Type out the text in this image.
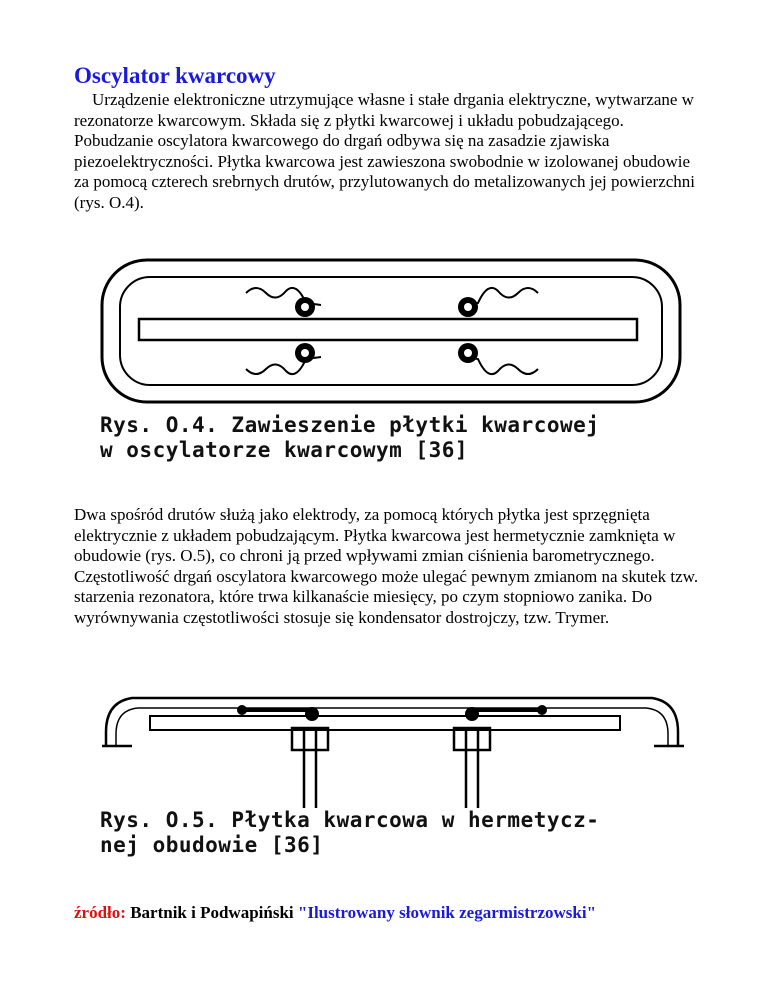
Oscylator kwarcowy

Urządzenie elektroniczne utrzymujące własne i stałe drgania elektryczne, wytwarzane w rezonatorze kwarcowym. Składa się z płytki kwarcowej i układu pobudzającego. Pobudzanie oscylatora kwarcowego do drgań odbywa się na zasadzie zjawiska piezoelektryczności. Płytka kwarcowa jest zawieszona swobodnie w izolowanej obudowie za pomocą czterech srebrnych drutów, przylutowanych do metalizowanych jej powierzchni (rys. O.4).

Rys. O.4. Zawieszenie płytki kwarcowej
w oscylatorze kwarcowym [36]

Dwa spośród drutów służą jako elektrody, za pomocą których płytka jest sprzęgnięta elektrycznie z układem pobudzającym. Płytka kwarcowa jest hermetycznie zamknięta w obudowie (rys. O.5), co chroni ją przed wpływami zmian ciśnienia barometrycznego. Częstotliwość drgań oscylatora kwarcowego może ulegać pewnym zmianom na skutek tzw. starzenia rezonatora, które trwa kilkanaście miesięcy, po czym stopniowo zanika. Do wyrównywania częstotliwości stosuje się kondensator dostrojczy, tzw. Trymer.

Rys. O.5. Płytka kwarcowa w hermetycz-
nej obudowie [36]
źródło: Bartnik i Podwapiński "Ilustrowany słownik zegarmistrzowski"
